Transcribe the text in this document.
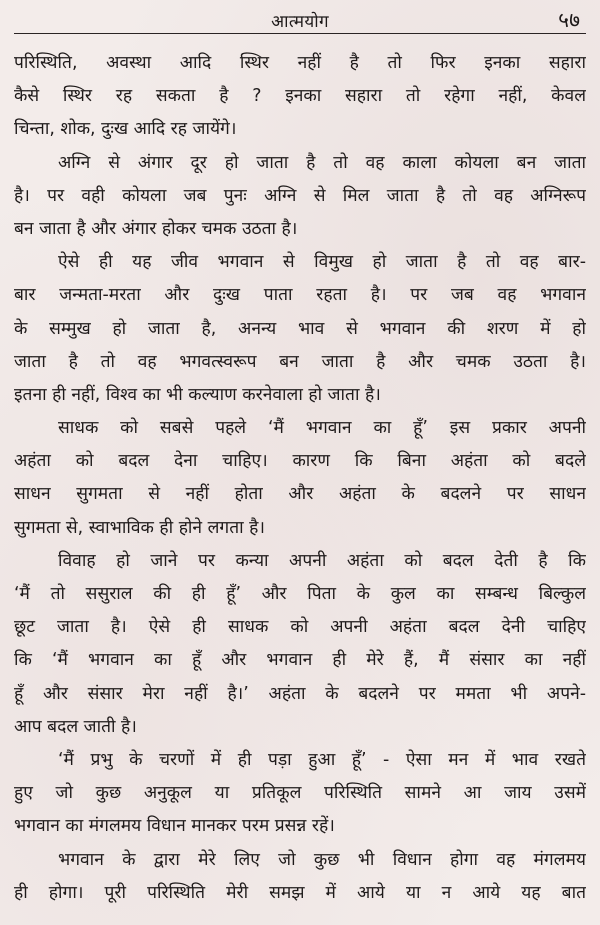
आत्मयोग	५७
परिस्थिति, अवस्था आदि स्थिर नहीं है तो फिर इनका सहारा
कैसे स्थिर रह सकता है ? इनका सहारा तो रहेगा नहीं, केवल
चिन्ता, शोक, दुःख आदि रह जायेंगे।
अग्नि से अंगार दूर हो जाता है तो वह काला कोयला बन जाता
है। पर वही कोयला जब पुनः अग्नि से मिल जाता है तो वह अग्निरूप
बन जाता है और अंगार होकर चमक उठता है।
ऐसे ही यह जीव भगवान से विमुख हो जाता है तो वह बार-
बार जन्मता-मरता और दुःख पाता रहता है। पर जब वह भगवान
के सम्मुख हो जाता है, अनन्य भाव से भगवान की शरण में हो
जाता है तो वह भगवत्स्वरूप बन जाता है और चमक उठता है।
इतना ही नहीं, विश्व का भी कल्याण करनेवाला हो जाता है।
साधक को सबसे पहले ‘मैं भगवान का हूँ’ इस प्रकार अपनी
अहंता को बदल देना चाहिए। कारण कि बिना अहंता को बदले
साधन सुगमता से नहीं होता और अहंता के बदलने पर साधन
सुगमता से, स्वाभाविक ही होने लगता है।
विवाह हो जाने पर कन्या अपनी अहंता को बदल देती है कि
‘मैं तो ससुराल की ही हूँ’ और पिता के कुल का सम्बन्ध बिल्कुल
छूट जाता है। ऐसे ही साधक को अपनी अहंता बदल देनी चाहिए
कि ‘मैं भगवान का हूँ और भगवान ही मेरे हैं, मैं संसार का नहीं
हूँ और संसार मेरा नहीं है।’ अहंता के बदलने पर ममता भी अपने-
आप बदल जाती है।
‘मैं प्रभु के चरणों में ही पड़ा हुआ हूँ’ - ऐसा मन में भाव रखते
हुए जो कुछ अनुकूल या प्रतिकूल परिस्थिति सामने आ जाय उसमें
भगवान का मंगलमय विधान मानकर परम प्रसन्न रहें।
भगवान के द्वारा मेरे लिए जो कुछ भी विधान होगा वह मंगलमय
ही होगा। पूरी परिस्थिति मेरी समझ में आये या न आये यह बात
